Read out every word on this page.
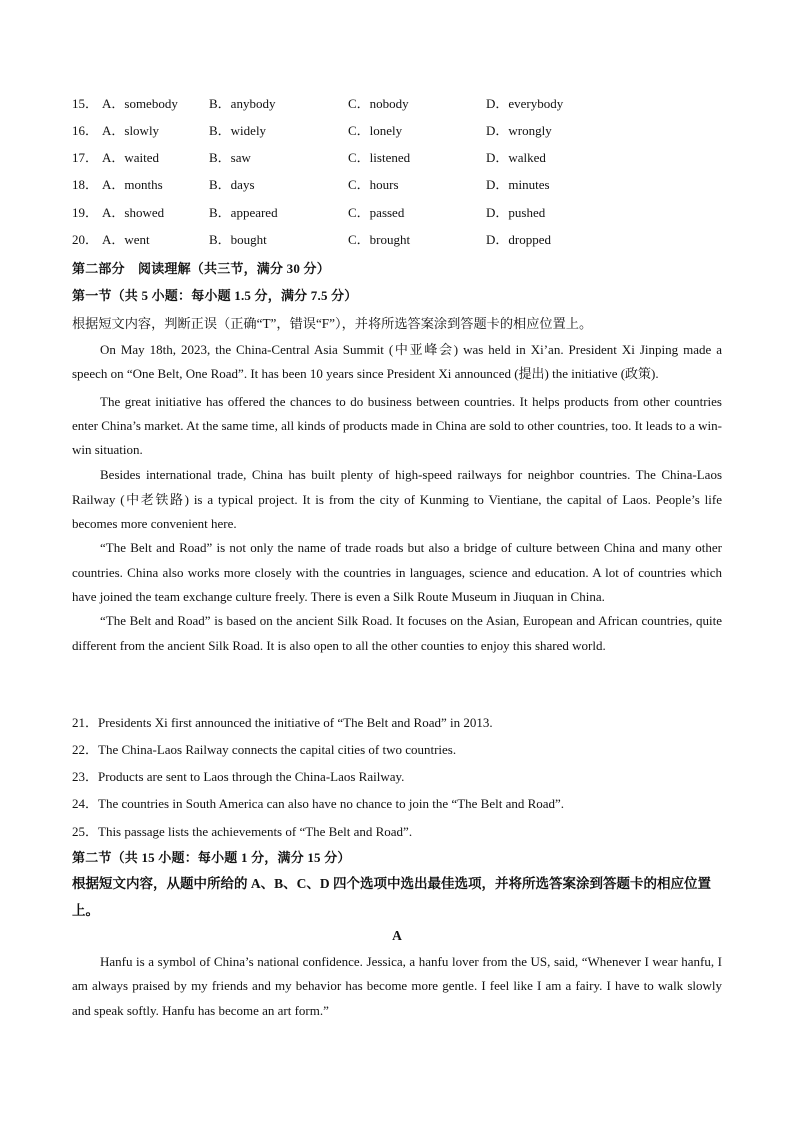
15． A．somebody B．anybody	C．nobody	D．everybody
16． A．slowly	B．widely	C．lonely	D．wrongly
17． A．waited	B．saw	C．listened	D．walked
18． A．months	B．days	C．hours	D．minutes
19． A．showed	B．appeared	C．passed	D．pushed
20． A．went	B．bought	C．brought	D．dropped
第二部分　阅读理解（共三节，满分 30 分）
第一节（共 5 小题：每小题 1.5 分，满分 7.5 分）
根据短文内容，判断正误（正确“T”，错误“F”），并将所选答案涂到答题卡的相应位置上。

On May 18th, 2023, the China-Central Asia Summit (中亚峰会) was held in Xi’an. President Xi Jinping made a speech on “One Belt, One Road”. It has been 10 years since President Xi announced (提出) the initiative (政策).

The great initiative has offered the chances to do business between countries. It helps products from other countries enter China’s market. At the same time, all kinds of products made in China are sold to other countries, too. It leads to a win-win situation.

Besides international trade, China has built plenty of high-speed railways for neighbor countries. The China-Laos Railway (中老铁路) is a typical project. It is from the city of Kunming to Vientiane, the capital of Laos. People’s life becomes more convenient here.

“The Belt and Road” is not only the name of trade roads but also a bridge of culture between China and many other countries. China also works more closely with the countries in languages, science and education. A lot of countries which have joined the team exchange culture freely. There is even a Silk Route Museum in Jiuquan in China.

“The Belt and Road” is based on the ancient Silk Road. It focuses on the Asian, European and African countries, quite different from the ancient Silk Road. It is also open to all the other counties to enjoy this shared world.

21．Presidents Xi first announced the initiative of “The Belt and Road” in 2013.
22．The China-Laos Railway connects the capital cities of two countries.
23．Products are sent to Laos through the China-Laos Railway.
24．The countries in South America can also have no chance to join the “The Belt and Road”.
25．This passage lists the achievements of “The Belt and Road”.
第二节（共 15 小题：每小题 1 分，满分 15 分）
根据短文内容，从题中所给的 A、B、C、D 四个选项中选出最佳选项，并将所选答案涂到答题卡的相应位置上。
A

Hanfu is a symbol of China’s national confidence. Jessica, a hanfu lover from the US, said, “Whenever I wear hanfu, I am always praised by my friends and my behavior has become more gentle. I feel like I am a fairy. I have to walk slowly and speak softly. Hanfu has become an art form.”
